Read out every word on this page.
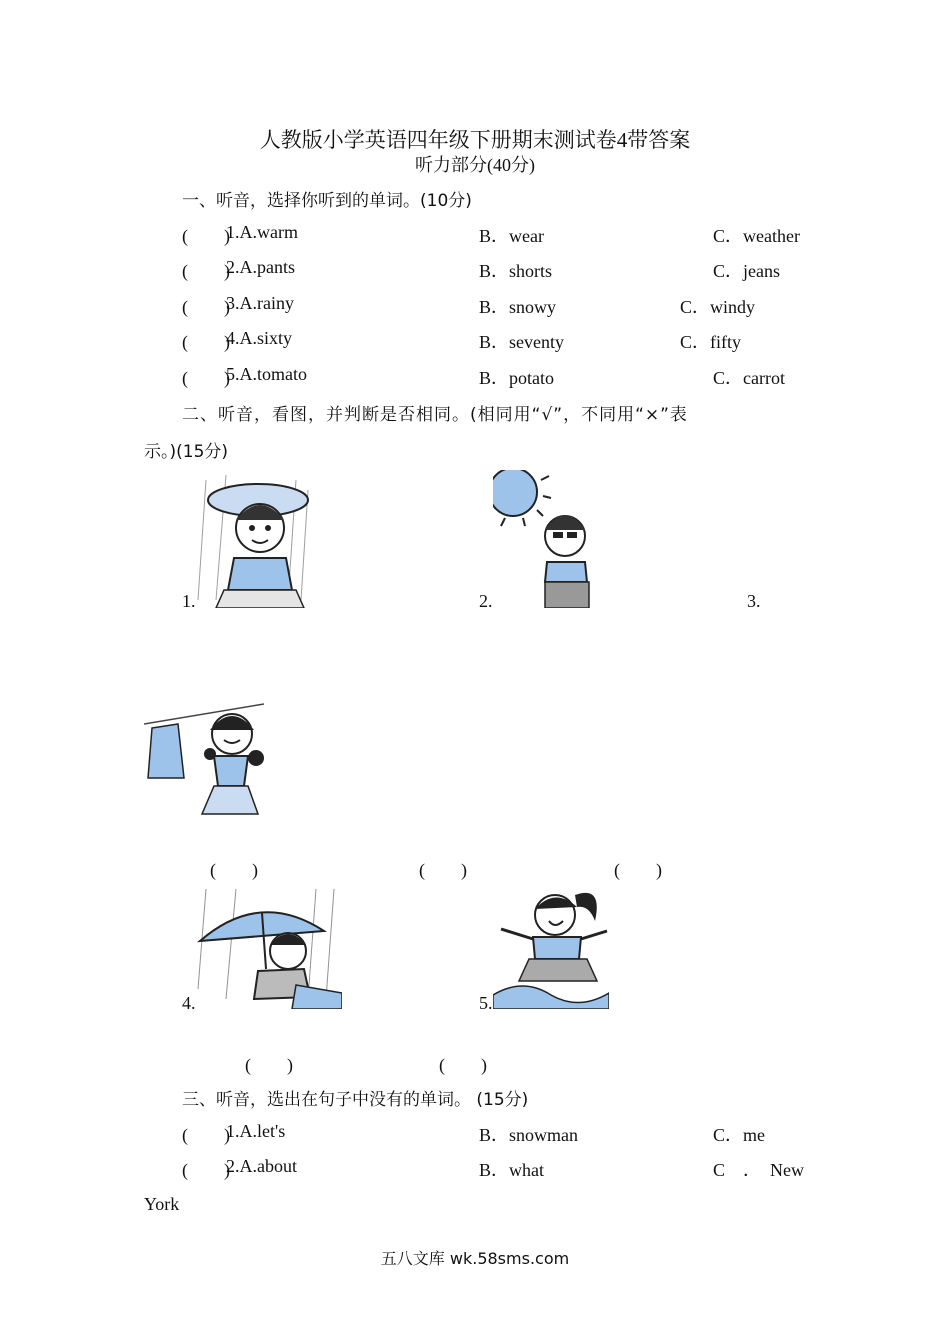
人教版小学英语四年级下册期末测试卷4带答案
听力部分(40分)
一、听音，选择你听到的单词。(10分)
(　　)
1.A.warm	B．wear	C．weather
(　　)
2.A.pants	B．shorts	C．jeans
(　　)
3.A.rainy	B．snowy	C．windy
(　　)
4.A.sixty	B．seventy	C．fifty
(　　)
5.A.tomato	B．potato	C．carrot
二、听音，看图，并判断是否相同。(相同用“√”，不同用“×”表
示。)(15分)
1.	2.	3.
(　　)	(　　)	(　　)
4.	5.
(　　)	(　　)
三、听音，选出在句子中没有的单词。 (15分)
(　　)
1.A.let's	B．snowman	C．me
(　　)
2.A.about	B．what	C　．　New
York
五八文库 wk.58sms.com
